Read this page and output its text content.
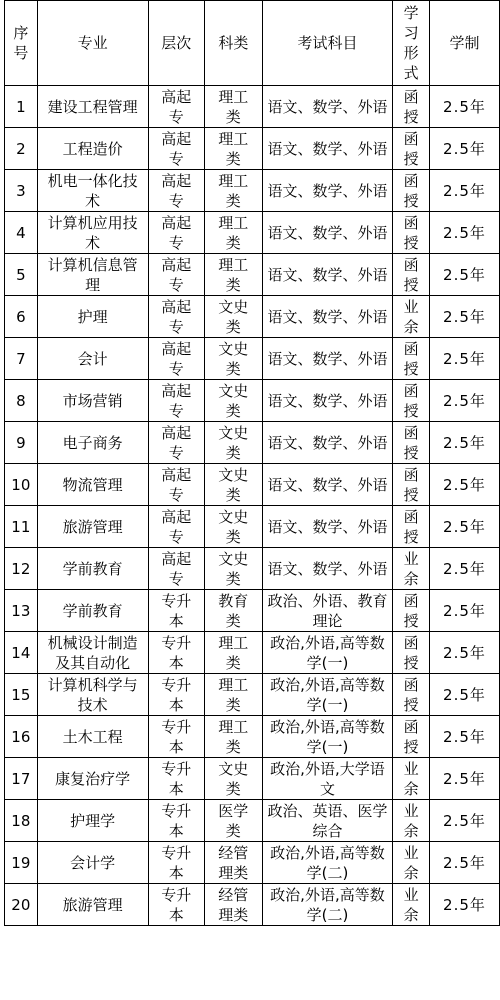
序号	专业	层次	科类	考试科目	学习形式	学制

1	建设工程管理	高起专	理工类	语文、数学、外语	函授	2.5年

2	工程造价	高起专	理工类	语文、数学、外语	函授	2.5年

3	机电一体化技术	高起专	理工类	语文、数学、外语	函授	2.5年

4	计算机应用技术	高起专	理工类	语文、数学、外语	函授	2.5年

5	计算机信息管理	高起专	理工类	语文、数学、外语	函授	2.5年

6	护理	高起专	文史类	语文、数学、外语	业余	2.5年

7	会计	高起专	文史类	语文、数学、外语	函授	2.5年

8	市场营销	高起专	文史类	语文、数学、外语	函授	2.5年

9	电子商务	高起专	文史类	语文、数学、外语	函授	2.5年

10	物流管理	高起专	文史类	语文、数学、外语	函授	2.5年

11	旅游管理	高起专	文史类	语文、数学、外语	函授	2.5年

12	学前教育	高起专	文史类	语文、数学、外语	业余	2.5年

13	学前教育	专升本	教育类	政治、外语、教育理论	函授	2.5年

14	机械设计制造及其自动化	专升本	理工类	政治,外语,高等数学(一)	函授	2.5年

15	计算机科学与技术	专升本	理工类	政治,外语,高等数学(一)	函授	2.5年

16	土木工程	专升本	理工类	政治,外语,高等数学(一)	函授	2.5年

17	康复治疗学	专升本	文史类	政治,外语,大学语文	业余	2.5年

18	护理学	专升本	医学类	政治、英语、医学综合	业余	2.5年

19	会计学	专升本	经管理类	政治,外语,高等数学(二)	业余	2.5年

20	旅游管理	专升本	经管理类	政治,外语,高等数学(二)	业余	2.5年
